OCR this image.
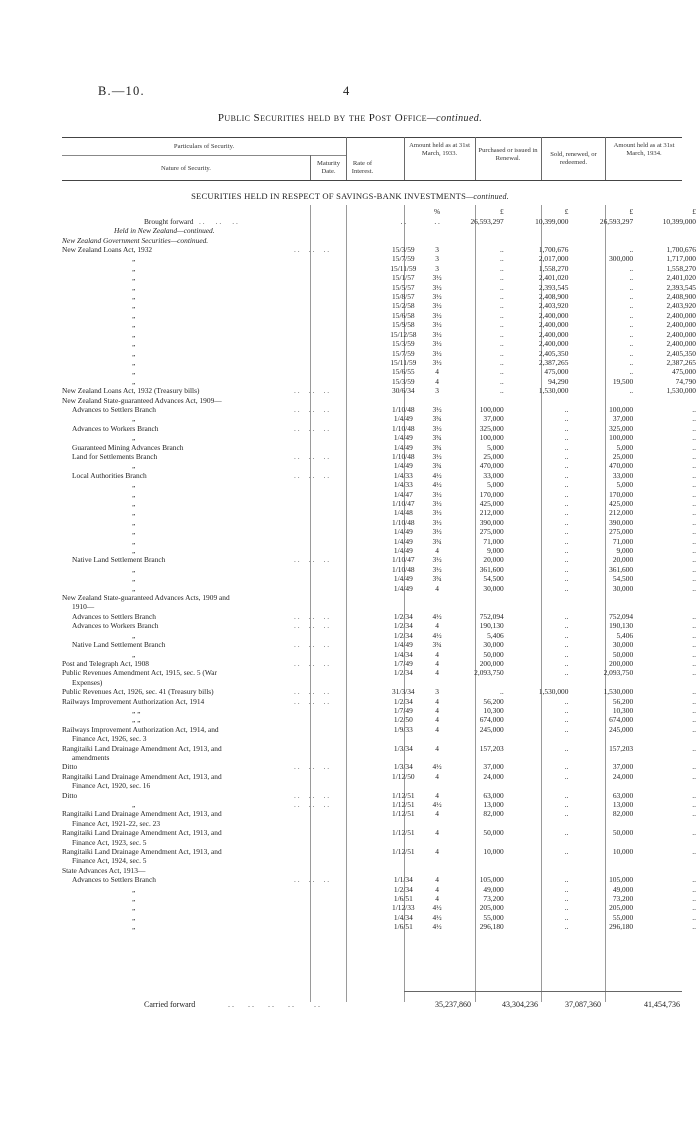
B.—10.	4
Public Securities held by the Post Office—continued.
Particulars of Security.
Nature of Security.
Maturity Date.
Rate of Interest.
Amount held as at 31st March, 1933.	Purchased or issued in Renewal.
Sold, renewed, or redeemed.
Amount held as at 31st March, 1934.
SECURITIES HELD IN RESPECT OF SAVINGS-BANK INVESTMENTS—continued.
		%	£	£	£	£
Brought forward   . .      . .      . .	. .	. .	26,593,297	10,399,000	26,593,297	10,399,000
Held in New Zealand—continued.						
New Zealand Government Securities—continued.						
New Zealand Loans Act, 1932 . .     . .     . .	15/3/59	3	..	1,700,676	..	1,700,676
„	15/7/59	3	..	2,017,000	300,000	1,717,000
„	15/11/59	3	..	1,558,270	..	1,558,270
„	15/1/57	3½	..	2,401,020	..	2,401,020
„	15/5/57	3½	..	2,393,545	..	2,393,545
„	15/8/57	3½	..	2,408,900	..	2,408,900
„	15/2/58	3½	..	2,403,920	..	2,403,920
„	15/6/58	3½	..	2,400,000	..	2,400,000
„	15/9/58	3½	..	2,400,000	..	2,400,000
„	15/12/58	3½	..	2,400,000	..	2,400,000
„	15/3/59	3½	..	2,400,000	..	2,400,000
„	15/7/59	3½	..	2,405,350	..	2,405,350
„	15/11/59	3½	..	2,387,265	..	2,387,265
„	15/6/55	4	..	475,000	..	475,000
„	15/3/59	4	..	94,290	19,500	74,790
New Zealand Loans Act, 1932 (Treasury bills) . .     . .     . .	30/6/34	3	..	1,530,000	..	1,530,000
New Zealand State-guaranteed Advances Act, 1909—						
Advances to Settlers Branch . .     . .     . .	1/10/48	3½	100,000	..	100,000	..
„	1/4/49	3¾	37,000	..	37,000	..
Advances to Workers Branch . .     . .     . .	1/10/48	3½	325,000	..	325,000	..
„	1/4/49	3¾	100,000	..	100,000	..
Guaranteed Mining Advances Branch	1/4/49	3¾	5,000	..	5,000	..
Land for Settlements Branch . .     . .     . .	1/10/48	3½	25,000	..	25,000	..
„	1/4/49	3¾	470,000	..	470,000	..
Local Authorities Branch . .     . .     . .	1/4/33	4½	33,000	..	33,000	..
„	1/4/33	4½	5,000	..	5,000	..
„	1/4/47	3½	170,000	..	170,000	..
„	1/10/47	3½	425,000	..	425,000	..
„	1/4/48	3½	212,000	..	212,000	..
„	1/10/48	3½	390,000	..	390,000	..
„	1/4/49	3½	275,000	..	275,000	..
„	1/4/49	3¾	71,000	..	71,000	..
„	1/4/49	4	9,000	..	9,000	..
Native Land Settlement Branch . .     . .     . .	1/10/47	3½	20,000	..	20,000	..
„	1/10/48	3½	361,600	..	361,600	..
„	1/4/49	3¾	54,500	..	54,500	..
„	1/4/49	4	30,000	..	30,000	..
New Zealand State-guaranteed Advances Acts, 1909 and						
1910—						
Advances to Settlers Branch . .     . .     . .	1/2/34	4½	752,094	..	752,094	..
Advances to Workers Branch . .     . .     . .	1/2/34	4	190,130	..	190,130	..
„	1/2/34	4½	5,406	..	5,406	..
Native Land Settlement Branch . .     . .     . .	1/4/49	3¾	30,000	..	30,000	..
„	1/4/34	4	50,000	..	50,000	..
Post and Telegraph Act, 1908 . .     . .     . .	1/7/49	4	200,000	..	200,000	..
Public Revenues Amendment Act, 1915, sec. 5 (War	1/2/34	4	2,093,750	..	2,093,750	..
Expenses)						
Public Revenues Act, 1926, sec. 41 (Treasury bills) . .     . .     . .	31/3/34	3	..	1,530,000	1,530,000	..
Railways Improvement Authorization Act, 1914 . .     . .     . .	1/2/34	4	56,200	..	56,200	..
„ „	1/7/49	4	10,300	..	10,300	..
„ „	1/2/50	4	674,000	..	674,000	..
Railways Improvement Authorization Act, 1914, and	1/9/33	4	245,000	..	245,000	..
Finance Act, 1926, sec. 3						
Rangitaiki Land Drainage Amendment Act, 1913, and	1/3/34	4	157,203	..	157,203	..
amendments						
Ditto . .     . .     . .	1/3/34	4½	37,000	..	37,000	..
Rangitaiki Land Drainage Amendment Act, 1913, and	1/12/50	4	24,000	..	24,000	..
Finance Act, 1920, sec. 16						
Ditto . .     . .     . .	1/12/51	4	63,000	..	63,000	..
„ . .     . .     . .	1/12/51	4½	13,000	..	13,000	..
Rangitaiki Land Drainage Amendment Act, 1913, and	1/12/51	4	82,000	..	82,000	..
Finance Act, 1921-22, sec. 23						
Rangitaiki Land Drainage Amendment Act, 1913, and	1/12/51	4	50,000	..	50,000	..
Finance Act, 1923, sec. 5						
Rangitaiki Land Drainage Amendment Act, 1913, and	1/12/51	4	10,000	..	10,000	..
Finance Act, 1924, sec. 5						
State Advances Act, 1913—						
Advances to Settlers Branch . .     . .     . .	1/1/34	4	105,000	..	105,000	..
„	1/2/34	4	49,000	..	49,000	..
„	1/6/51	4	73,200	..	73,200	..
„	1/12/33	4½	205,000	..	205,000	..
„	1/4/34	4½	55,000	..	55,000	..
„	1/6/51	4½	296,180	..	296,180	..
Carried forward	. .       . .       . .       . .          . .	35,237,860	43,304,236	37,087,360	41,454,736
